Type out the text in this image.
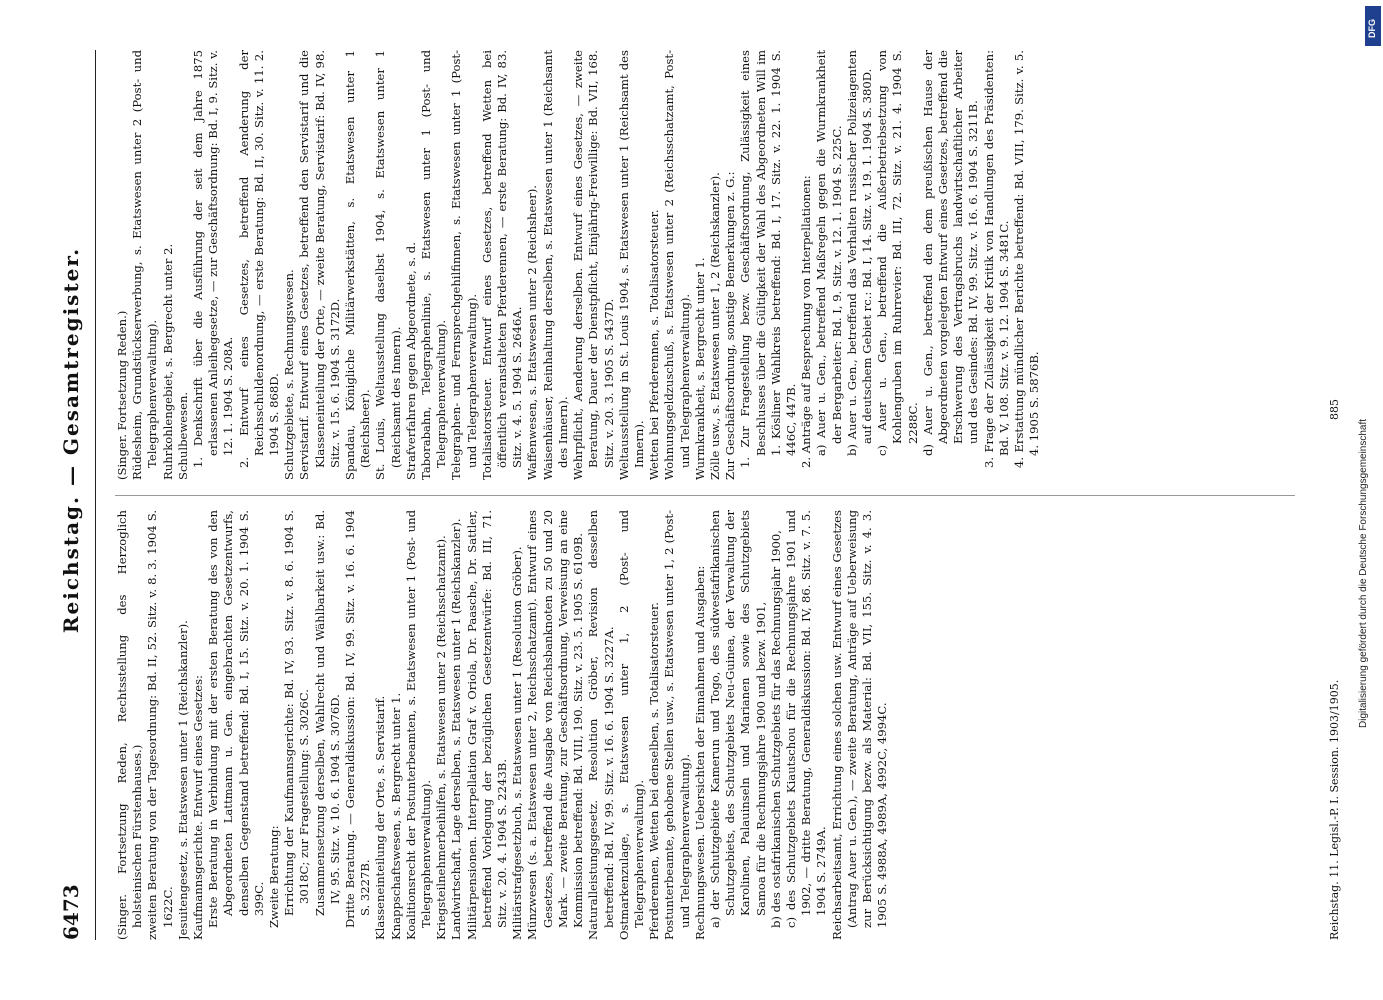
6473
Reichstag. — Gesamtregister.

(Singer. Fortsetzung Reden, Rechtsstellung des Herzoglich holsteinischen Fürstenhauses.) zweiten Beratung von der Tagesordnung: Bd. II, 52. Sitz. v. 8. 3. 1904 S. 1622C. Jesuitengesetz, s. Etatswesen unter 1 (Reichskanzler). Kaufmannsgerichte. Entwurf eines Gesetzes: Erste Beratung in Verbindung mit der ersten Beratung des von den Abgeordneten Lattmann u. Gen. eingebrachten Gesetzentwurfs, denselben Gegenstand betreffend: Bd. I, 15. Sitz. v. 20. 1. 1904 S. 399C. Zweite Beratung: Errichtung der Kaufmannsgerichte: Bd. IV, 93. Sitz. v. 8. 6. 1904 S. 3018C; zur Fragestellung: S. 3026C. Zusammensetzung derselben, Wahlrecht und Wählbarkeit usw.: Bd. IV, 95. Sitz. v. 10. 6. 1904 S. 3076D. Dritte Beratung. — Generaldiskussion: Bd. IV, 99. Sitz. v. 16. 6. 1904 S. 3227B. Klasseneinteilung der Orte, s. Servistarif. Knappschaftswesen, s. Bergrecht unter 1. Koalitionsrecht der Postunterbeamten, s. Etatswesen unter 1 (Post- und Telegraphenverwaltung). Kriegsteilnehmerbeihilfen, s. Etatswesen unter 2 (Reichsschatzamt). Landwirtschaft, Lage derselben, s. Etatswesen unter 1 (Reichskanzler). Militärpensionen. Interpellation Graf v. Oriola, Dr. Paasche, Dr. Sattler, betreffend Vorlegung der bezüglichen Gesetzentwürfe: Bd. III, 71. Sitz. v. 20. 4. 1904 S. 2243B. Militärstrafgesetzbuch, s. Etatswesen unter 1 (Resolution Gröber). Münzwesen (s. a. Etatswesen unter 2, Reichsschatzamt). Entwurf eines Gesetzes, betreffend die Ausgabe von Reichsbanknoten zu 50 und 20 Mark. — zweite Beratung, zur Geschäftsordnung, Verweisung an eine Kommission betreffend: Bd. VIII, 190. Sitz. v. 23. 5. 1905 S. 6109B. Naturalleistungsgesetz. Resolution Gröber, Revision desselben betreffend: Bd. IV, 99. Sitz. v. 16. 6. 1904 S. 3227A. Ostmarkenzulage, s. Etatswesen unter 1, 2 (Post- und Telegraphenverwaltung). Pferderennen, Wetten bei denselben, s. Totalisatorsteuer. Postunterbeamte, gehobene Stellen usw., s. Etatswesen unter 1, 2 (Post- und Telegraphenverwaltung). Rechnungswesen. Uebersichten der Einnahmen und Ausgaben: a) der Schutzgebiete Kamerun und Togo, des südwestafrikanischen Schutzgebiets, des Schutzgebiets Neu-Guinea, der Verwaltung der Karolinen, Palauinseln und Marianen sowie des Schutzgebiets Samoa für die Rechnungsjahre 1900 und bezw. 1901, b) des ostafrikanischen Schutzgebiets für das Rechnungsjahr 1900, c) des Schutzgebiets Kiautschou für die Rechnungsjahre 1901 und 1902, — dritte Beratung, Generaldiskussion: Bd. IV, 86. Sitz. v. 7. 5. 1904 S. 2749A. Reichsarbeitsamt, Errichtung eines solchen usw. Entwurf eines Gesetzes (Antrag Auer u. Gen.), — zweite Beratung, Anträge auf Ueberweisung zur Berücksichtigung bezw. als Material: Bd. VII, 155. Sitz. v. 4. 3. 1905 S. 4988A, 4989A, 4992C, 4994C.

(Singer. Fortsetzung Reden.) Rüdesheim, Grundstückserwerbung, s. Etatswesen unter 2 (Post- und Telegraphenverwaltung). Ruhrkohlengebiet, s. Bergrecht unter 2. Schulbewesen. 1. Denkschrift über die Ausführung der seit dem Jahre 1875 erlassenen Anleihegesetze, — zur Geschäftsordnung: Bd. I, 9. Sitz. v. 12. 1. 1904 S. 208A. 2. Entwurf eines Gesetzes, betreffend Aenderung der Reichsschuldenordnung, — erste Beratung: Bd. II, 30. Sitz. v. 11. 2. 1904 S. 868D. Schutzgebiete, s. Rechnungswesen. Servistarif. Entwurf eines Gesetzes, betreffend den Servistarif und die Klasseneinteilung der Orte, — zweite Beratung, Servistarif: Bd. IV, 98. Sitz. v. 15. 6. 1904 S. 3172D. Spandau, Königliche Militärwerkstätten, s. Etatswesen unter 1 (Reichsheer). St. Louis, Weltausstellung daselbst 1904, s. Etatswesen unter 1 (Reichsamt des Innern). Strafverfahren gegen Abgeordnete, s. d. Taborabahn, Telegraphenlinie, s. Etatswesen unter 1 (Post- und Telegraphenverwaltung). Telegraphen- und Fernsprechgehilfinnen, s. Etatswesen unter 1 (Post- und Telegraphenverwaltung). Totalisatorsteuer. Entwurf eines Gesetzes, betreffend Wetten bei öffentlich veranstalteten Pferderennen, — erste Beratung: Bd. IV, 83. Sitz. v. 4. 5. 1904 S. 2646A. Waffenwesen, s. Etatswesen unter 2 (Reichsheer). Waisenhäuser, Reinhaltung derselben, s. Etatswesen unter 1 (Reichsamt des Innern). Wehrpflicht, Aenderung derselben. Entwurf eines Gesetzes, — zweite Beratung, Dauer der Dienstpflicht, Einjährig-Freiwillige: Bd. VII, 168. Sitz. v. 20. 3. 1905 S. 5437D. Weltausstellung in St. Louis 1904, s. Etatswesen unter 1 (Reichsamt des Innern). Wetten bei Pferderennen, s. Totalisatorsteuer. Wohnungsgeldzuschuß, s. Etatswesen unter 2 (Reichsschatzamt, Post- und Telegraphenverwaltung). Wurmkrankheit, s. Bergrecht unter 1. Zölle usw., s. Etatswesen unter 1, 2 (Reichskanzler). Zur Geschäftsordnung, sonstige Bemerkungen z. G.: 1. Zur Fragestellung bezw. Geschäftsordnung, Zulässigkeit eines Beschlusses über die Gültigkeit der Wahl des Abgeordneten Will im 1. Kösliner Wahlkreis betreffend: Bd. I, 17. Sitz. v. 22. 1. 1904 S. 446C, 447B. 2. Anträge auf Besprechung von Interpellationen: a) Auer u. Gen., betreffend Maßregeln gegen die Wurmkrankheit der Bergarbeiter: Bd. I, 9. Sitz. v. 12. 1. 1904 S. 225C. b) Auer u. Gen., betreffend das Verhalten russischer Polizeiagenten auf deutschem Gebiet rc.: Bd. I, 14. Sitz. v. 19. 1. 1904 S. 380D. c) Auer u. Gen., betreffend die Außerbetriebsetzung von Kohlengruben im Ruhrrevier: Bd. III, 72. Sitz. v. 21. 4. 1904 S. 2288C. d) Auer u. Gen., betreffend den dem preußischen Hause der Abgeordneten vorgelegten Entwurf eines Gesetzes, betreffend die Erschwerung des Vertragsbruchs landwirtschaftlicher Arbeiter und des Gesindes: Bd. IV, 99. Sitz. v. 16. 6. 1904 S. 3211B. 3. Frage der Zulässigkeit der Kritik von Handlungen des Präsidenten: Bd. V, 108. Sitz. v. 9. 12. 1904 S. 3481C. 4. Erstattung mündlicher Berichte betreffend: Bd. VIII, 179. Sitz. v. 5. 4. 1905 S. 5876B.

Reichstag. 11. Legisl.-P. I. Session. 1903/1905.
885
Digitalisierung gefördert durch die Deutsche Forschungsgemeinschaft
DFG
